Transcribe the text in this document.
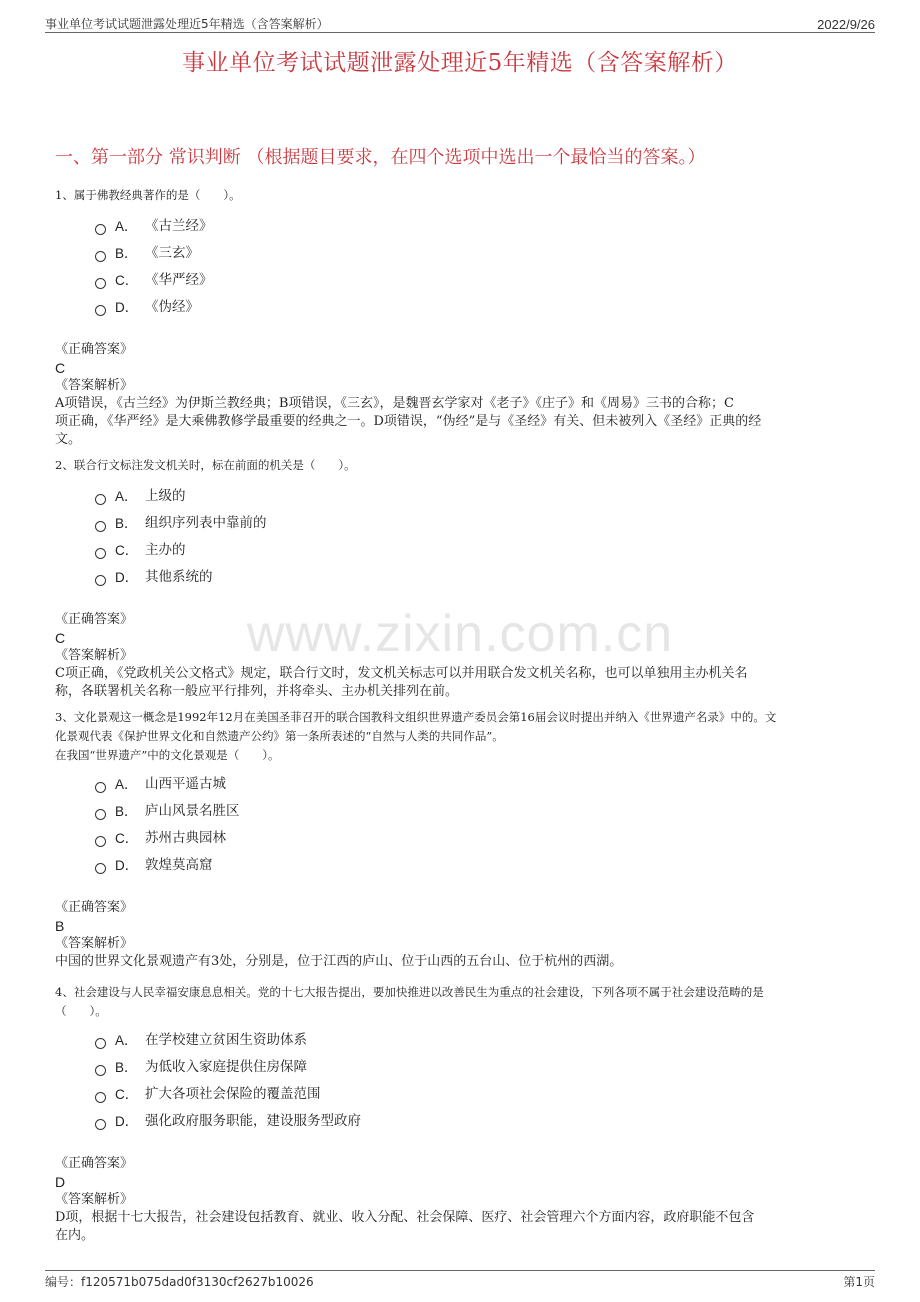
事业单位考试试题泄露处理近5年精选（含答案解析）	2022/9/26
事业单位考试试题泄露处理近5年精选（含答案解析）
一、第一部分 常识判断 （根据题目要求，在四个选项中选出一个最恰当的答案。）
www.zixin.com.cn

1、属于佛教经典著作的是（　　）。

A． 《古兰经》
B． 《三玄》
C． 《华严经》
D． 《伪经》
《正确答案》
C
《答案解析》
A项错误，《古兰经》为伊斯兰教经典；B项错误，《三玄》，是魏晋玄学家对《老子》《庄子》和《周易》三书的合称；C
项正确，《华严经》是大乘佛教修学最重要的经典之一。D项错误，“伪经”是与《圣经》有关、但未被列入《圣经》正典的经
文。

2、联合行文标注发文机关时，标在前面的机关是（　　）。

A． 上级的
B． 组织序列表中靠前的
C． 主办的
D． 其他系统的
《正确答案》
C
《答案解析》
C项正确，《党政机关公文格式》规定，联合行文时，发文机关标志可以并用联合发文机关名称，也可以单独用主办机关名
称，各联署机关名称一般应平行排列，并将牵头、主办机关排列在前。

3、文化景观这一概念是1992年12月在美国圣菲召开的联合国教科文组织世界遗产委员会第16届会议时提出并纳入《世界遗产名录》中的。文
化景观代表《保护世界文化和自然遗产公约》第一条所表述的“自然与人类的共同作品”。
在我国“世界遗产”中的文化景观是（　　）。

A． 山西平遥古城
B． 庐山风景名胜区
C． 苏州古典园林
D． 敦煌莫高窟
《正确答案》
B
《答案解析》
中国的世界文化景观遗产有3处，分别是，位于江西的庐山、位于山西的五台山、位于杭州的西湖。

4、社会建设与人民幸福安康息息相关。党的十七大报告提出，要加快推进以改善民生为重点的社会建设，下列各项不属于社会建设范畴的是
（　　）。

A． 在学校建立贫困生资助体系
B． 为低收入家庭提供住房保障
C． 扩大各项社会保险的覆盖范围
D． 强化政府服务职能，建设服务型政府
《正确答案》
D
《答案解析》
D项，根据十七大报告，社会建设包括教育、就业、收入分配、社会保障、医疗、社会管理六个方面内容，政府职能不包含
在内。
编号：f120571b075dad0f3130cf2627b10026	第1页
